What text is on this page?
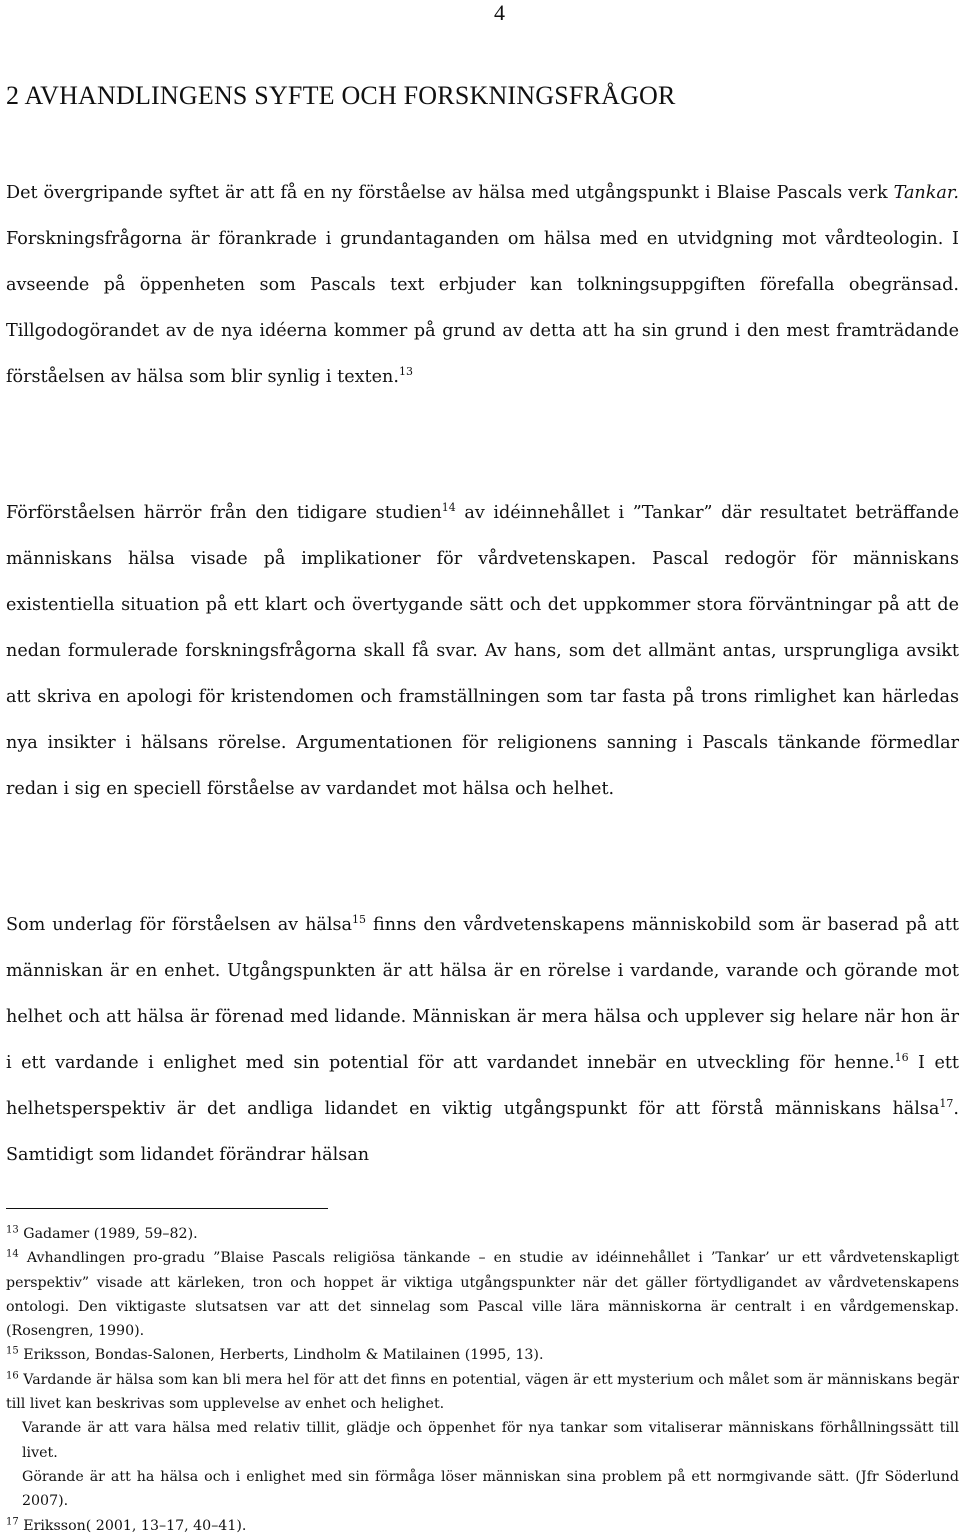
4
2 AVHANDLINGENS SYFTE OCH FORSKNINGSFRÅGOR

Det övergripande syftet är att få en ny förståelse av hälsa med utgångspunkt i Blaise Pascals verk Tankar. Forskningsfrågorna är förankrade i grundantaganden om hälsa med en utvidgning mot vårdteologin. I avseende på öppenheten som Pascals text erbjuder kan tolkningsuppgiften förefalla obegränsad. Tillgodogörandet av de nya idéerna kommer på grund av detta att ha sin grund i den mest framträdande förståelsen av hälsa som blir synlig i texten.$^{13}$

Förförståelsen härrör från den tidigare studien$^{14}$ av idéinnehållet i ”Tankar” där resultatet beträffande människans hälsa visade på implikationer för vårdvetenskapen. Pascal redogör för människans existentiella situation på ett klart och övertygande sätt och det uppkommer stora förväntningar på att de nedan formulerade forskningsfrågorna skall få svar. Av hans, som det allmänt antas, ursprungliga avsikt att skriva en apologi för kristendomen och framställningen som tar fasta på trons rimlighet kan härledas nya insikter i hälsans rörelse. Argumentationen för religionens sanning i Pascals tänkande förmedlar redan i sig en speciell förståelse av vardandet mot hälsa och helhet.

Som underlag för förståelsen av hälsa$^{15}$ finns den vårdvetenskapens människobild som är baserad på att människan är en enhet. Utgångspunkten är att hälsa är en rörelse i vardande, varande och görande mot helhet och att hälsa är förenad med lidande. Människan är mera hälsa och upplever sig helare när hon är i ett vardande i enlighet med sin potential för att vardandet innebär en utveckling för henne.$^{16}$ I ett helhetsperspektiv är det andliga lidandet en viktig utgångspunkt för att förstå människans hälsa$^{17}$. Samtidigt som lidandet förändrar hälsan

$^{13}$ Gadamer (1989, 59–82).

$^{14}$ Avhandlingen pro-gradu ”Blaise Pascals religiösa tänkande – en studie av idéinnehållet i ’Tankar’ ur ett vårdvetenskapligt perspektiv” visade att kärleken, tron och hoppet är viktiga utgångspunkter när det gäller förtydligandet av vårdvetenskapens ontologi. Den viktigaste slutsatsen var att det sinnelag som Pascal ville lära människorna är centralt i en vårdgemenskap. (Rosengren, 1990).

$^{15}$ Eriksson, Bondas-Salonen, Herberts, Lindholm & Matilainen (1995, 13).

$^{16}$ Vardande är hälsa som kan bli mera hel för att det finns en potential, vägen är ett mysterium och målet som är människans begär till livet kan beskrivas som upplevelse av enhet och helighet.

Varande är att vara hälsa med relativ tillit, glädje och öppenhet för nya tankar som vitaliserar människans förhållningssätt till livet.

Görande är att ha hälsa och i enlighet med sin förmåga löser människan sina problem på ett normgivande sätt. (Jfr Söderlund 2007).

$^{17}$ Eriksson( 2001, 13–17, 40–41).
